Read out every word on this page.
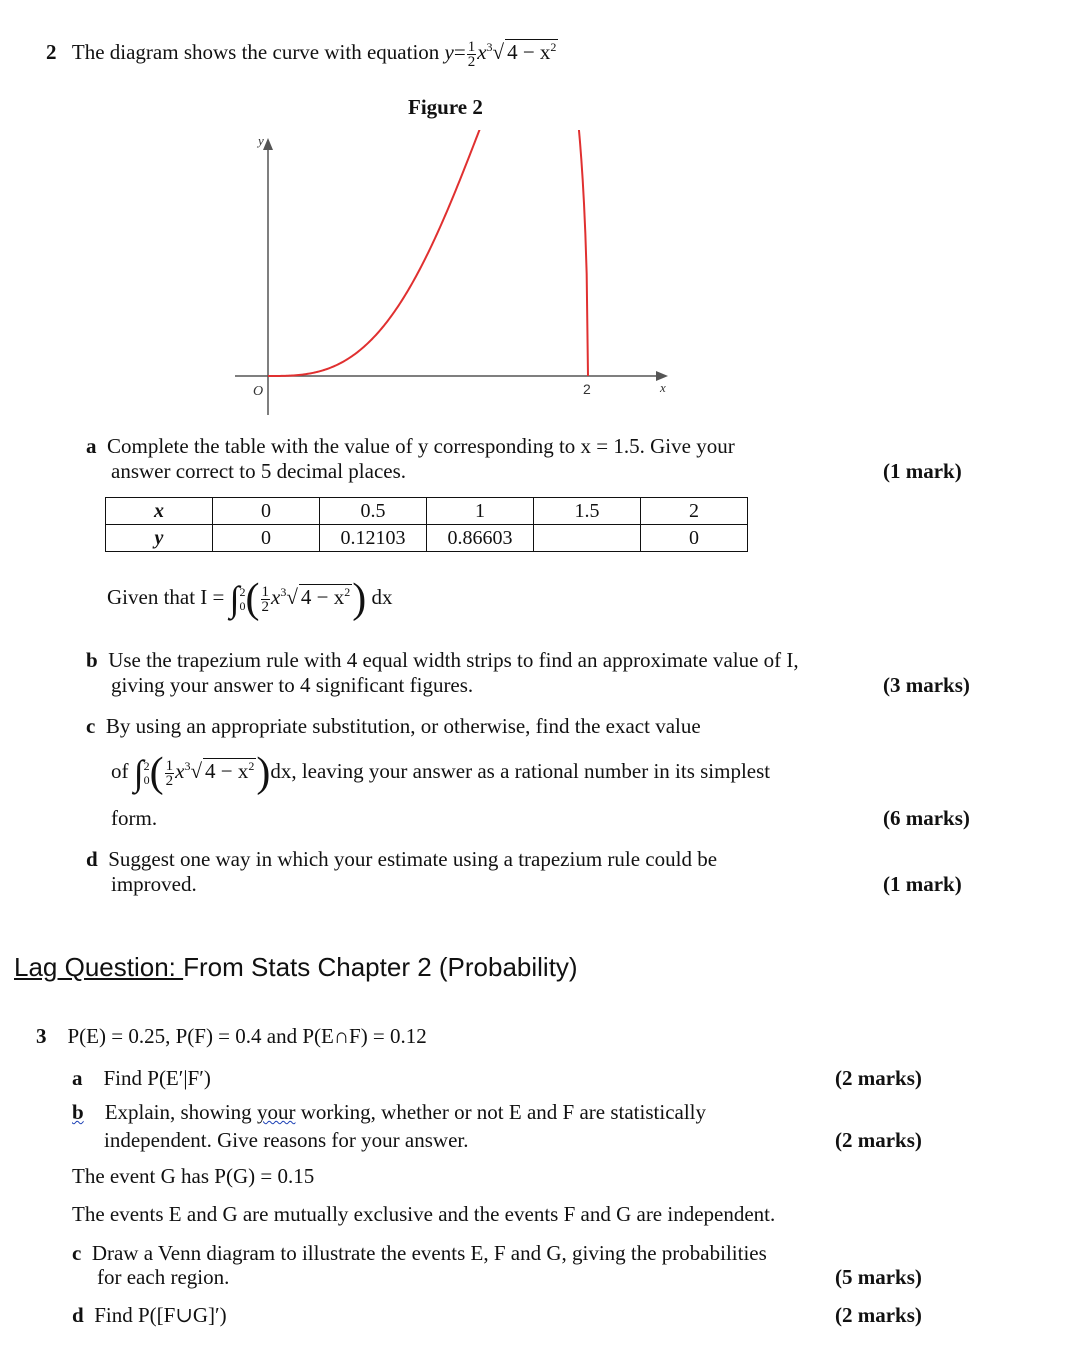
2 The diagram shows the curve with equation $y= \frac{1}{2} x^3√$ $4 - x^2$
Figure 2
y
x
O	2
a Complete the table with the value of y corresponding to x = 1.5. Give your
answer correct to 5 decimal places.	(1 mark)
x	0	0.5	1	1.5	2
y	0	0.12103	0.86603		0
Given that I = ∫ 2
0 ( $\frac{1}{2} x^3√$ $4 - x^2$) dx
b Use the trapezium rule with 4 equal width strips to find an approximate value of I,
giving your answer to 4 significant figures.	(3 marks)
c By using an appropriate substitution, or otherwise, find the exact value
of ∫ 2
0 ( $\frac{1}{2} x^3√$ $4 - x^2)dx$, leaving your answer as a rational number in its simplest
form.	(6 marks)
d Suggest one way in which your estimate using a trapezium rule could be
improved.	(1 mark)
Lag Question: From Stats Chapter 2 (Probability)
3 P(E) = 0.25, P(F) = 0.4 and P(E∩F) = 0.12
a Find P(E′|F′)	(2 marks)
b Explain, showing your working, whether or not E and F are statistically
independent. Give reasons for your answer.	(2 marks)
The event G has P(G) = 0.15
The events E and G are mutually exclusive and the events F and G are independent.
c Draw a Venn diagram to illustrate the events E, F and G, giving the probabilities
for each region.	(5 marks)
d Find P([F∪G]′)	(2 marks)
